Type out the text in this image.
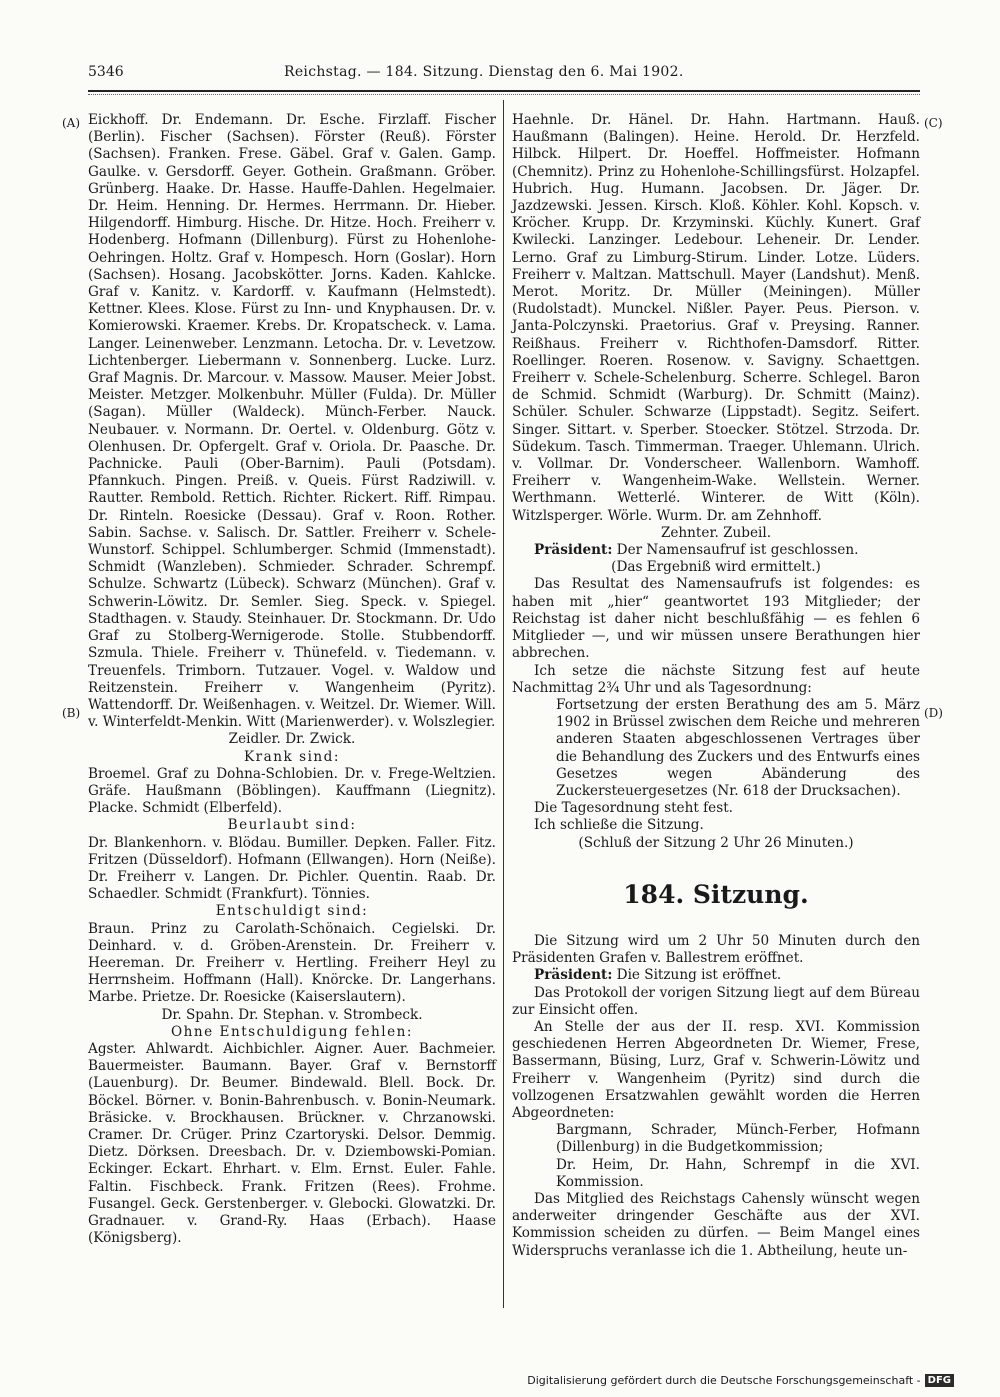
5346	Reichstag. — 184. Sitzung. Dienstag den 6. Mai 1902.
(A)
(B)
(C)
(D)

Eickhoff. Dr. Endemann. Dr. Esche. Firzlaff. Fischer (Berlin). Fischer (Sachsen). Förster (Reuß). Förster (Sachsen). Franken. Frese. Gäbel. Graf v. Galen. Gamp. Gaulke. v. Gersdorff. Geyer. Gothein. Graßmann. Gröber. Grünberg. Haake. Dr. Hasse. Hauffe-Dahlen. Hegelmaier. Dr. Heim. Henning. Dr. Hermes. Herrmann. Dr. Hieber. Hilgendorff. Himburg. Hische. Dr. Hitze. Hoch. Freiherr v. Hodenberg. Hofmann (Dillenburg). Fürst zu Hohenlohe-Oehringen. Holtz. Graf v. Hompesch. Horn (Goslar). Horn (Sachsen). Hosang. Jacobskötter. Jorns. Kaden. Kahlcke. Graf v. Kanitz. v. Kardorff. v. Kaufmann (Helmstedt). Kettner. Klees. Klose. Fürst zu Inn- und Knyphausen. Dr. v. Komierowski. Kraemer. Krebs. Dr. Kropatscheck. v. Lama. Langer. Leinenweber. Lenzmann. Letocha. Dr. v. Levetzow. Lichtenberger. Liebermann v. Sonnenberg. Lucke. Lurz. Graf Magnis. Dr. Marcour. v. Massow. Mauser. Meier Jobst. Meister. Metzger. Molkenbuhr. Müller (Fulda). Dr. Müller (Sagan). Müller (Waldeck). Münch-Ferber. Nauck. Neubauer. v. Normann. Dr. Oertel. v. Oldenburg. Götz v. Olenhusen. Dr. Opfergelt. Graf v. Oriola. Dr. Paasche. Dr. Pachnicke. Pauli (Ober-Barnim). Pauli (Potsdam). Pfannkuch. Pingen. Preiß. v. Queis. Fürst Radziwill. v. Rautter. Rembold. Rettich. Richter. Rickert. Riff. Rimpau. Dr. Rinteln. Roesicke (Dessau). Graf v. Roon. Rother. Sabin. Sachse. v. Salisch. Dr. Sattler. Freiherr v. Schele-Wunstorf. Schippel. Schlumberger. Schmid (Immenstadt). Schmidt (Wanzleben). Schmieder. Schrader. Schrempf. Schulze. Schwartz (Lübeck). Schwarz (München). Graf v. Schwerin-Löwitz. Dr. Semler. Sieg. Speck. v. Spiegel. Stadthagen. v. Staudy. Steinhauer. Dr. Stockmann. Dr. Udo Graf zu Stolberg-Wernigerode. Stolle. Stubbendorff. Szmula. Thiele. Freiherr v. Thünefeld. v. Tiedemann. v. Treuenfels. Trimborn. Tutzauer. Vogel. v. Waldow und Reitzenstein. Freiherr v. Wangenheim (Pyritz). Wattendorff. Dr. Weißenhagen. v. Weitzel. Dr. Wiemer. Will. v. Winterfeldt-Menkin. Witt (Marienwerder). v. Wolszlegier.

Zeidler. Dr. Zwick.

Krank sind:

Broemel. Graf zu Dohna-Schlobien. Dr. v. Frege-Weltzien. Gräfe. Haußmann (Böblingen). Kauffmann (Liegnitz). Placke. Schmidt (Elberfeld).

Beurlaubt sind:

Dr. Blankenhorn. v. Blödau. Bumiller. Depken. Faller. Fitz. Fritzen (Düsseldorf). Hofmann (Ellwangen). Horn (Neiße). Dr. Freiherr v. Langen. Dr. Pichler. Quentin. Raab. Dr. Schaedler. Schmidt (Frankfurt). Tönnies.

Entschuldigt sind:

Braun. Prinz zu Carolath-Schönaich. Cegielski. Dr. Deinhard. v. d. Gröben-Arenstein. Dr. Freiherr v. Heereman. Dr. Freiherr v. Hertling. Freiherr Heyl zu Herrnsheim. Hoffmann (Hall). Knörcke. Dr. Langerhans. Marbe. Prietze. Dr. Roesicke (Kaiserslautern).

Dr. Spahn. Dr. Stephan. v. Strombeck.

Ohne Entschuldigung fehlen:

Agster. Ahlwardt. Aichbichler. Aigner. Auer. Bachmeier. Bauermeister. Baumann. Bayer. Graf v. Bernstorff (Lauenburg). Dr. Beumer. Bindewald. Blell. Bock. Dr. Böckel. Börner. v. Bonin-Bahrenbusch. v. Bonin-Neumark. Bräsicke. v. Brockhausen. Brückner. v. Chrzanowski. Cramer. Dr. Crüger. Prinz Czartoryski. Delsor. Demmig. Dietz. Dörksen. Dreesbach. Dr. v. Dziembowski-Pomian. Eckinger. Eckart. Ehrhart. v. Elm. Ernst. Euler. Fahle. Faltin. Fischbeck. Frank. Fritzen (Rees). Frohme. Fusangel. Geck. Gerstenberger. v. Glebocki. Glowatzki. Dr. Gradnauer. v. Grand-Ry. Haas (Erbach). Haase (Königsberg).

Haehnle. Dr. Hänel. Dr. Hahn. Hartmann. Hauß. Haußmann (Balingen). Heine. Herold. Dr. Herzfeld. Hilbck. Hilpert. Dr. Hoeffel. Hoffmeister. Hofmann (Chemnitz). Prinz zu Hohenlohe-Schillingsfürst. Holzapfel. Hubrich. Hug. Humann. Jacobsen. Dr. Jäger. Dr. Jazdzewski. Jessen. Kirsch. Kloß. Köhler. Kohl. Kopsch. v. Kröcher. Krupp. Dr. Krzyminski. Küchly. Kunert. Graf Kwilecki. Lanzinger. Ledebour. Leheneir. Dr. Lender. Lerno. Graf zu Limburg-Stirum. Linder. Lotze. Lüders. Freiherr v. Maltzan. Mattschull. Mayer (Landshut). Menß. Merot. Moritz. Dr. Müller (Meiningen). Müller (Rudolstadt). Munckel. Nißler. Payer. Peus. Pierson. v. Janta-Polczynski. Praetorius. Graf v. Preysing. Ranner. Reißhaus. Freiherr v. Richthofen-Damsdorf. Ritter. Roellinger. Roeren. Rosenow. v. Savigny. Schaettgen. Freiherr v. Schele-Schelenburg. Scherre. Schlegel. Baron de Schmid. Schmidt (Warburg). Dr. Schmitt (Mainz). Schüler. Schuler. Schwarze (Lippstadt). Segitz. Seifert. Singer. Sittart. v. Sperber. Stoecker. Stötzel. Strzoda. Dr. Südekum. Tasch. Timmerman. Traeger. Uhlemann. Ulrich. v. Vollmar. Dr. Vonderscheer. Wallenborn. Wamhoff. Freiherr v. Wangenheim-Wake. Wellstein. Werner. Werthmann. Wetterlé. Winterer. de Witt (Köln). Witzlsperger. Wörle. Wurm. Dr. am Zehnhoff.

Zehnter. Zubeil.

Präsident: Der Namensaufruf ist geschlossen.

(Das Ergebniß wird ermittelt.)

Das Resultat des Namensaufrufs ist folgendes: es haben mit „hier“ geantwortet 193 Mitglieder; der Reichstag ist daher nicht beschlußfähig — es fehlen 6 Mitglieder —, und wir müssen unsere Berathungen hier abbrechen.

Ich setze die nächste Sitzung fest auf heute Nachmittag 2¾ Uhr und als Tagesordnung:

Fortsetzung der ersten Berathung des am 5. März 1902 in Brüssel zwischen dem Reiche und mehreren anderen Staaten abgeschlossenen Vertrages über die Behandlung des Zuckers und des Entwurfs eines Gesetzes wegen Abänderung des Zuckersteuergesetzes (Nr. 618 der Drucksachen).

Die Tagesordnung steht fest.

Ich schließe die Sitzung.

(Schluß der Sitzung 2 Uhr 26 Minuten.)

184. Sitzung.

Die Sitzung wird um 2 Uhr 50 Minuten durch den Präsidenten Grafen v. Ballestrem eröffnet.

Präsident: Die Sitzung ist eröffnet.

Das Protokoll der vorigen Sitzung liegt auf dem Büreau zur Einsicht offen.

An Stelle der aus der II. resp. XVI. Kommission geschiedenen Herren Abgeordneten Dr. Wiemer, Frese, Bassermann, Büsing, Lurz, Graf v. Schwerin-Löwitz und Freiherr v. Wangenheim (Pyritz) sind durch die vollzogenen Ersatzwahlen gewählt worden die Herren Abgeordneten:

Bargmann, Schrader, Münch-Ferber, Hofmann (Dillenburg) in die Budgetkommission;

Dr. Heim, Dr. Hahn, Schrempf in die XVI. Kommission.

Das Mitglied des Reichstags Cahensly wünscht wegen anderweiter dringender Geschäfte aus der XVI. Kommission scheiden zu dürfen. — Beim Mangel eines Widerspruchs veranlasse ich die 1. Abtheilung, heute un-

Digitalisierung gefördert durch die Deutsche Forschungsgemeinschaft - DFG
